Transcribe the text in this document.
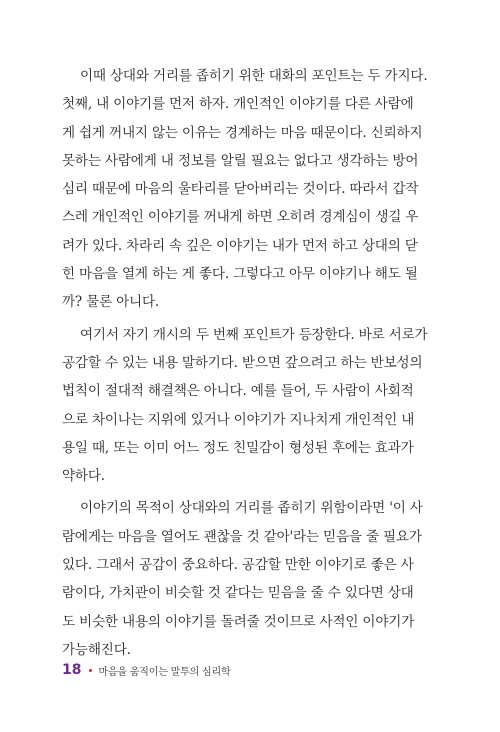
이때 상대와 거리를 좁히기 위한 대화의 포인트는 두 가지다.
첫째, 내 이야기를 먼저 하자. 개인적인 이야기를 다른 사람에
게 쉽게 꺼내지 않는 이유는 경계하는 마음 때문이다. 신뢰하지
못하는 사람에게 내 정보를 알릴 필요는 없다고 생각하는 방어
심리 때문에 마음의 울타리를 닫아버리는 것이다. 따라서 갑작
스레 개인적인 이야기를 꺼내게 하면 오히려 경계심이 생길 우
려가 있다. 차라리 속 깊은 이야기는 내가 먼저 하고 상대의 닫
힌 마음을 열게 하는 게 좋다. 그렇다고 아무 이야기나 해도 될
까? 물론 아니다.
여기서 자기 개시의 두 번째 포인트가 등장한다. 바로 서로가
공감할 수 있는 내용 말하기다. 받으면 갚으려고 하는 반보성의
법칙이 절대적 해결책은 아니다. 예를 들어, 두 사람이 사회적
으로 차이나는 지위에 있거나 이야기가 지나치게 개인적인 내
용일 때, 또는 이미 어느 정도 친밀감이 형성된 후에는 효과가
약하다.
이야기의 목적이 상대와의 거리를 좁히기 위함이라면 '이 사
람에게는 마음을 열어도 괜찮을 것 같아'라는 믿음을 줄 필요가
있다. 그래서 공감이 중요하다. 공감할 만한 이야기로 좋은 사
람이다, 가치관이 비슷할 것 같다는 믿음을 줄 수 있다면 상대
도 비슷한 내용의 이야기를 돌려줄 것이므로 사적인 이야기가
가능해진다.
18 마음을 움직이는 말투의 심리학
